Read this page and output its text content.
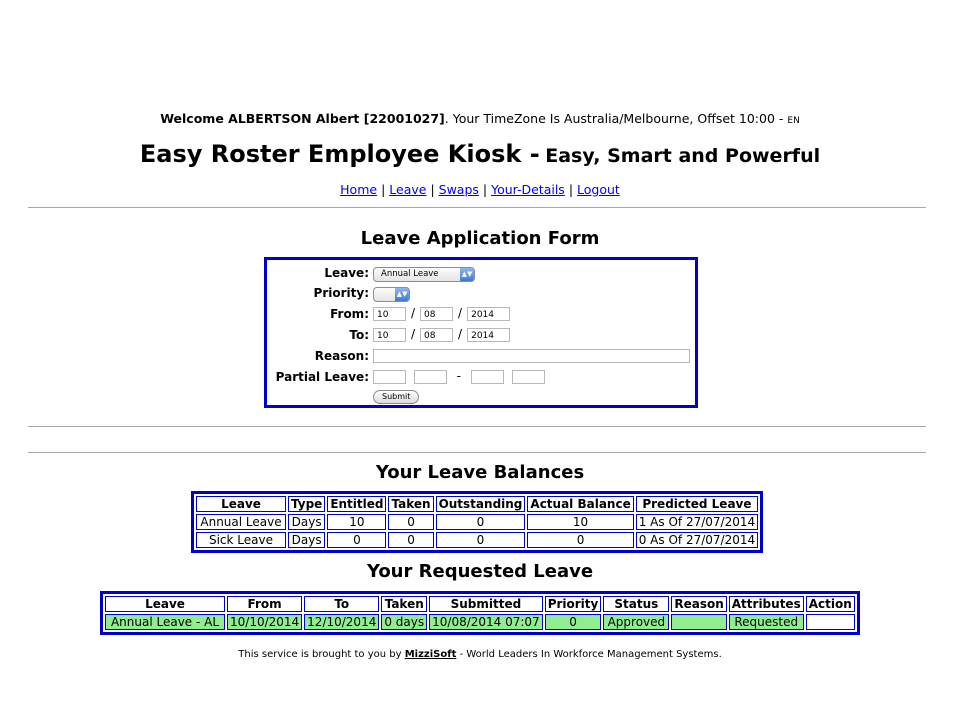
Welcome ALBERTSON Albert [22001027]. Your TimeZone Is Australia/Melbourne, Offset 10:00 - EN
Easy Roster Employee Kiosk - Easy, Smart and Powerful
Home | Leave | Swaps | Your-Details | Logout
Leave Application Form
Leave:	Annual Leave	▲▼
Priority:	▲▼
From: 10 / 08 / 2014
To: 10 / 08 / 2014
Reason:
Partial Leave:	-
Submit
Your Leave Balances
Leave	Type	Entitled	Taken	Outstanding	Actual Balance	Predicted Leave
Annual Leave	Days	10	0	0	10	1 As Of 27/07/2014
Sick Leave	Days	0	0	0	0	0 As Of 27/07/2014
Your Requested Leave
Leave	From	To	Taken	Submitted	Priority	Status	Reason	Attributes	Action
Annual Leave - AL	10/10/2014	12/10/2014	0 days	10/08/2014 07:07	0	Approved		Requested	
This service is brought to you by MizziSoft - World Leaders In Workforce Management Systems.
